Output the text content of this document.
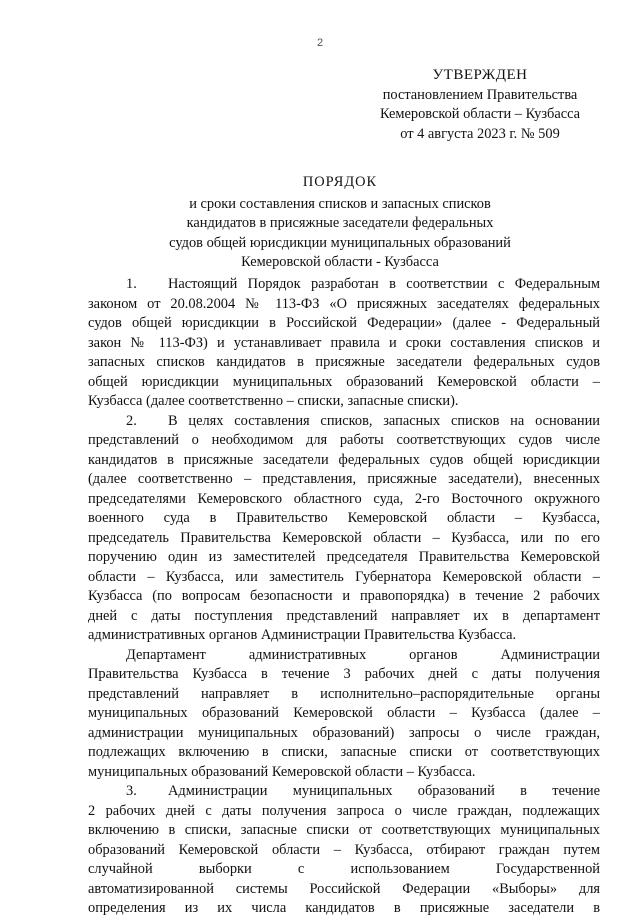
2
УТВЕРЖДЕН
постановлением Правительства
Кемеровской области – Кузбасса
от 4 августа 2023 г. № 509
ПОРЯДОК
и сроки составления списков и запасных списков
кандидатов в присяжные заседатели федеральных
судов общей юрисдикции муниципальных образований
Кемеровской области - Кузбасса
1. Настоящий Порядок разработан в соответствии с Федеральным
законом от 20.08.2004 № 113-ФЗ «О присяжных заседателях федеральных
судов общей юрисдикции в Российской Федерации» (далее - Федеральный
закон № 113-ФЗ) и устанавливает правила и сроки составления списков и
запасных списков кандидатов в присяжные заседатели федеральных судов
общей юрисдикции муниципальных образований Кемеровской области –
Кузбасса (далее соответственно – списки, запасные списки).
2. В целях составления списков, запасных списков на основании
представлений о необходимом для работы соответствующих судов числе
кандидатов в присяжные заседатели федеральных судов общей юрисдикции
(далее соответственно – представления, присяжные заседатели), внесенных
председателями Кемеровского областного суда, 2-го Восточного окружного
военного суда в Правительство Кемеровской области – Кузбасса,
председатель Правительства Кемеровской области – Кузбасса, или по его
поручению один из заместителей председателя Правительства Кемеровской
области – Кузбасса, или заместитель Губернатора Кемеровской области –
Кузбасса (по вопросам безопасности и правопорядка) в течение 2 рабочих
дней с даты поступления представлений направляет их в департамент
административных органов Администрации Правительства Кузбасса.
Департамент административных органов Администрации
Правительства Кузбасса в течение 3 рабочих дней с даты получения
представлений направляет в исполнительно–распорядительные органы
муниципальных образований Кемеровской области – Кузбасса (далее –
администрации муниципальных образований) запросы о числе граждан,
подлежащих включению в списки, запасные списки от соответствующих
муниципальных образований Кемеровской области – Кузбасса.
3. Администрации муниципальных образований в течение
2 рабочих дней с даты получения запроса о числе граждан, подлежащих
включению в списки, запасные списки от соответствующих муниципальных
образований Кемеровской области – Кузбасса, отбирают граждан путем
случайной выборки с использованием Государственной
автоматизированной системы Российской Федерации «Выборы» для
определения из их числа кандидатов в присяжные заседатели в
